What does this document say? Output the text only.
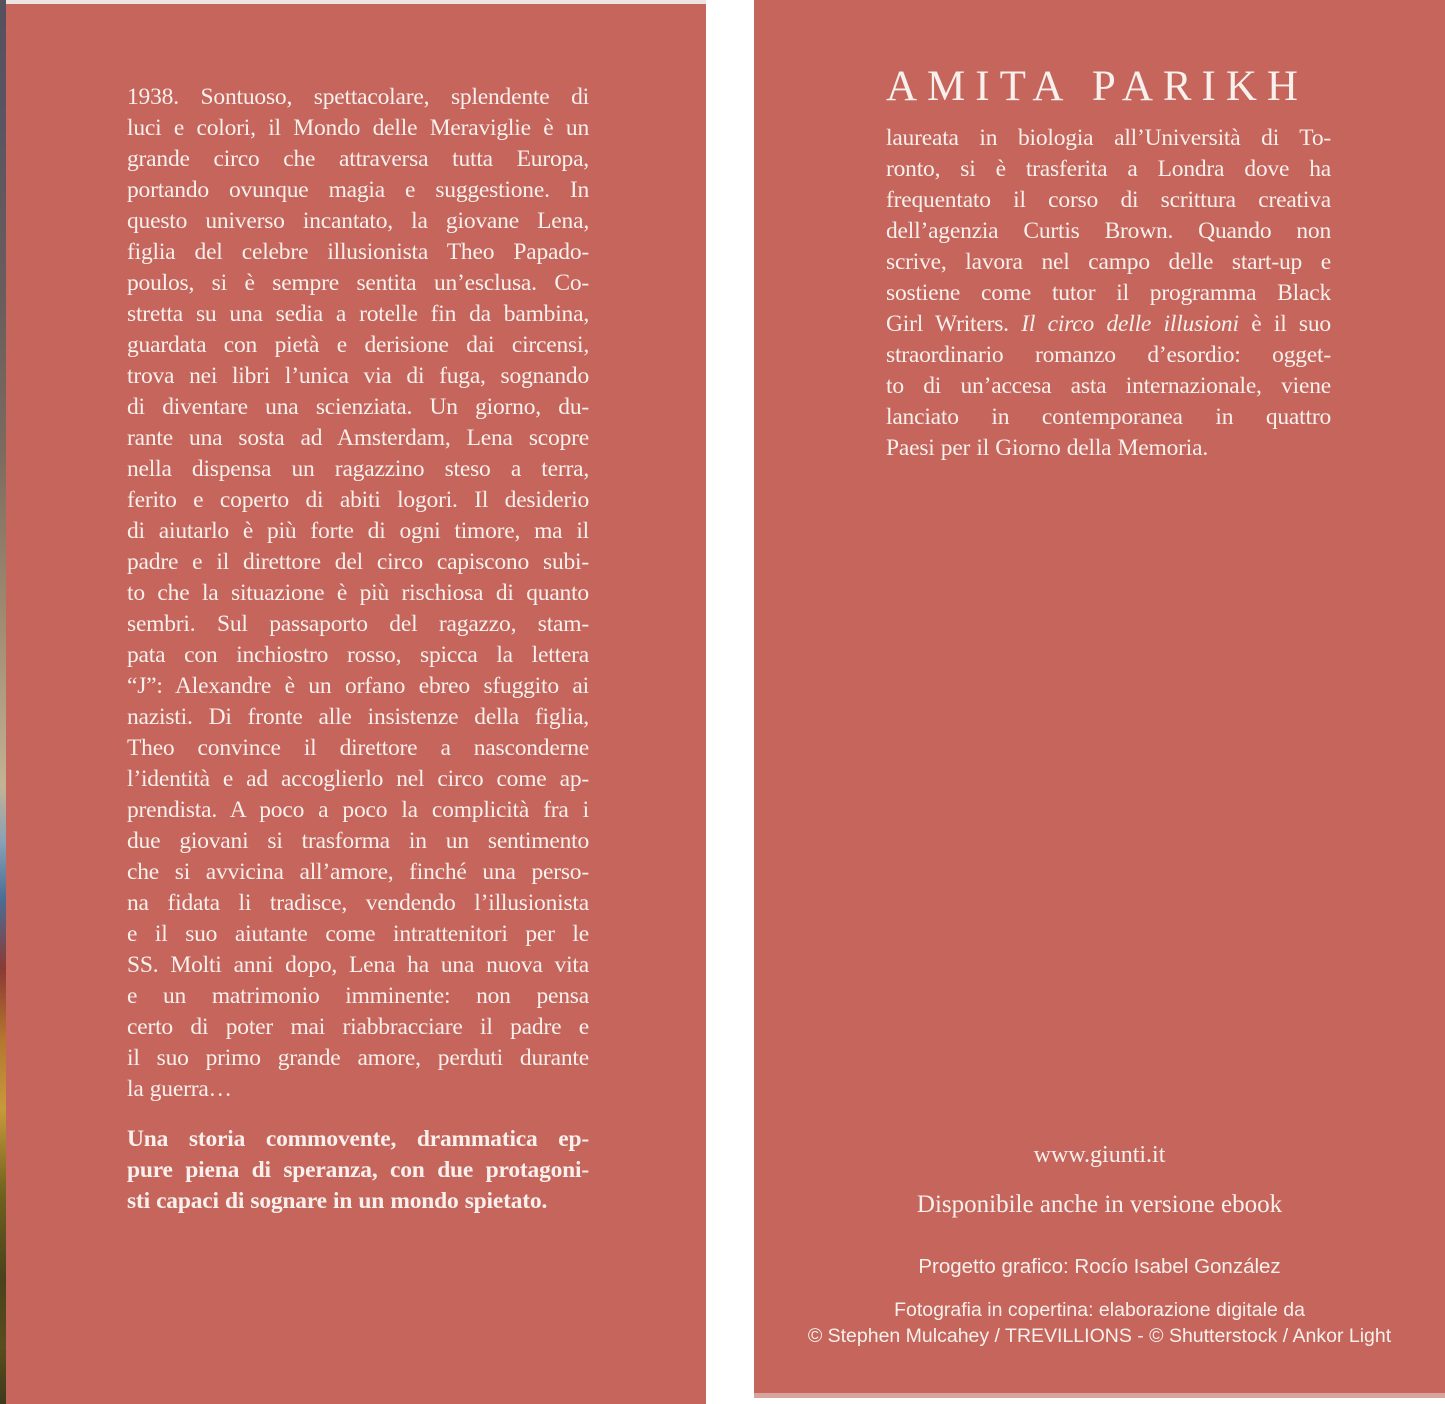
1938. Sontuoso, spettacolare, splendente di
luci e colori, il Mondo delle Meraviglie è un
grande circo che attraversa tutta Europa,
portando ovunque magia e suggestione. In
questo universo incantato, la giovane Lena,
figlia del celebre illusionista Theo Papado-
poulos, si è sempre sentita un’esclusa. Co-
stretta su una sedia a rotelle fin da bambina,
guardata con pietà e derisione dai circensi,
trova nei libri l’unica via di fuga, sognando
di diventare una scienziata. Un giorno, du-
rante una sosta ad Amsterdam, Lena scopre
nella dispensa un ragazzino steso a terra,
ferito e coperto di abiti logori. Il desiderio
di aiutarlo è più forte di ogni timore, ma il
padre e il direttore del circo capiscono subi-
to che la situazione è più rischiosa di quanto
sembri. Sul passaporto del ragazzo, stam-
pata con inchiostro rosso, spicca la lettera
“J”: Alexandre è un orfano ebreo sfuggito ai
nazisti. Di fronte alle insistenze della figlia,
Theo convince il direttore a nasconderne
l’identità e ad accoglierlo nel circo come ap-
prendista. A poco a poco la complicità fra i
due giovani si trasforma in un sentimento
che si avvicina all’amore, finché una perso-
na fidata li tradisce, vendendo l’illusionista
e il suo aiutante come intrattenitori per le
SS. Molti anni dopo, Lena ha una nuova vita
e un matrimonio imminente: non pensa
certo di poter mai riabbracciare il padre e
il suo primo grande amore, perduti durante
la guerra…
Una storia commovente, drammatica ep-
pure piena di speranza, con due protagoni-
sti capaci di sognare in un mondo spietato.
AMITA PARIKH
laureata in biologia all’Università di To-
ronto, si è trasferita a Londra dove ha
frequentato il corso di scrittura creativa
dell’agenzia Curtis Brown. Quando non
scrive, lavora nel campo delle start-up e
sostiene come tutor il programma Black
Girl Writers. Il circo delle illusioni è il suo
straordinario romanzo d’esordio: ogget-
to di un’accesa asta internazionale, viene
lanciato in contemporanea in quattro
Paesi per il Giorno della Memoria.
www.giunti.it
Disponibile anche in versione ebook
Progetto grafico: Rocío Isabel González
Fotografia in copertina: elaborazione digitale da
© Stephen Mulcahey / TREVILLIONS - © Shutterstock / Ankor Light
